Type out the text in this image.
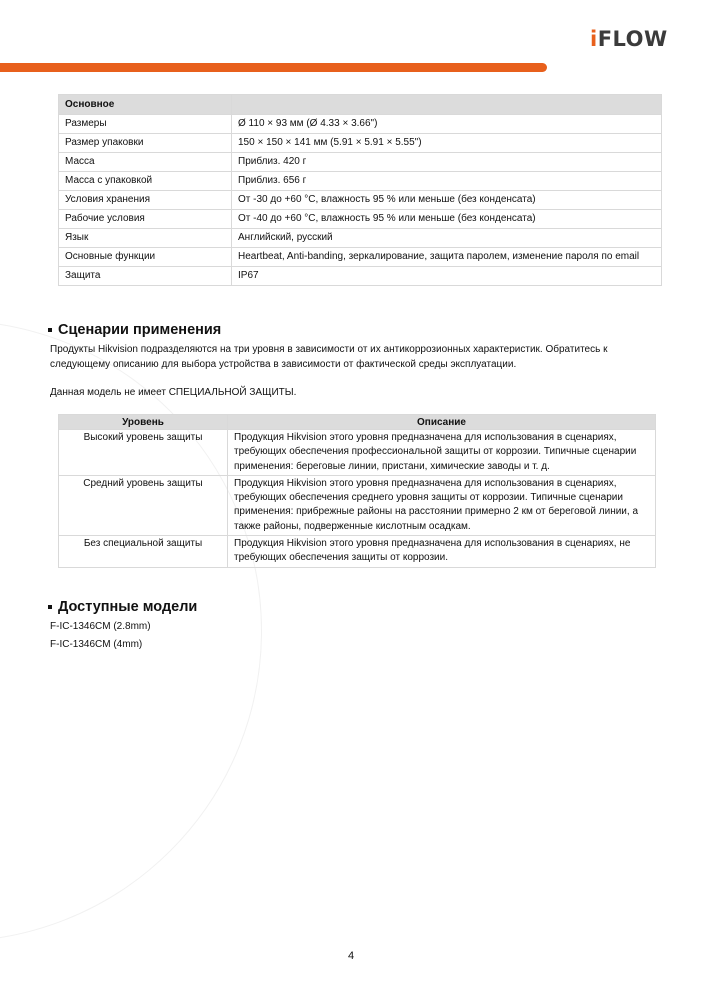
iFLOW
Основное	
Размеры	Ø 110 × 93 мм (Ø 4.33 × 3.66")
Размер упаковки	150 × 150 × 141 мм (5.91 × 5.91 × 5.55")
Масса	Приблиз. 420 г
Масса с упаковкой	Приблиз. 656 г
Условия хранения	От -30 до +60 °C, влажность 95 % или меньше (без конденсата)
Рабочие условия	От -40 до +60 °C, влажность 95 % или меньше (без конденсата)
Язык	Английский, русский
Основные функции	Heartbeat, Anti-banding, зеркалирование, защита паролем, изменение пароля по email
Защита	IP67
Сценарии применения
Продукты Hikvision подразделяются на три уровня в зависимости от их антикоррозионных характеристик. Обратитесь к следующему описанию для выбора устройства в зависимости от фактической среды эксплуатации.
Данная модель не имеет СПЕЦИАЛЬНОЙ ЗАЩИТЫ.
Уровень	Описание
Высокий уровень защиты	Продукция Hikvision этого уровня предназначена для использования в сценариях, требующих обеспечения профессиональной защиты от коррозии. Типичные сценарии применения: береговые линии, пристани, химические заводы и т. д.
Средний уровень защиты	Продукция Hikvision этого уровня предназначена для использования в сценариях, требующих обеспечения среднего уровня защиты от коррозии. Типичные сценарии применения: прибрежные районы на расстоянии примерно 2 км от береговой линии, а также районы, подверженные кислотным осадкам.
Без специальной защиты	Продукция Hikvision этого уровня предназначена для использования в сценариях, не требующих обеспечения защиты от коррозии.
Доступные модели
F-IC-1346CM (2.8mm)
F-IC-1346CM (4mm)
4
